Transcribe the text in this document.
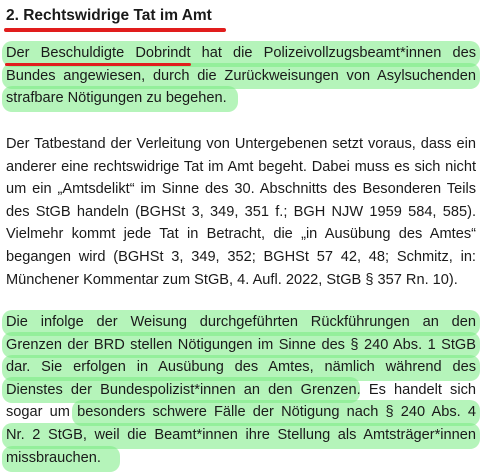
2. Rechtswidrige Tat im Amt
Der Beschuldigte Dobrindt hat die Polizeivollzugsbeamt*innen des
Bundes angewiesen, durch die Zurückweisungen von Asylsuchenden
strafbare Nötigungen zu begehen.
Der Tatbestand der Verleitung von Untergebenen setzt voraus, dass ein
anderer eine rechtswidrige Tat im Amt begeht. Dabei muss es sich nicht
um ein „Amtsdelikt“ im Sinne des 30. Abschnitts des Besonderen Teils
des StGB handeln (BGHSt 3, 349, 351 f.; BGH NJW 1959 584, 585).
Vielmehr kommt jede Tat in Betracht, die „in Ausübung des Amtes“
begangen wird (BGHSt 3, 349, 352; BGHSt 57 42, 48; Schmitz, in:
Münchener Kommentar zum StGB, 4. Aufl. 2022, StGB § 357 Rn. 10).
Die infolge der Weisung durchgeführten Rückführungen an den
Grenzen der BRD stellen Nötigungen im Sinne des § 240 Abs. 1 StGB
dar. Sie erfolgen in Ausübung des Amtes, nämlich während des
Dienstes der Bundespolizist*innen an den Grenzen. Es handelt sich
sogar um besonders schwere Fälle der Nötigung nach § 240 Abs. 4
Nr. 2 StGB, weil die Beamt*innen ihre Stellung als Amtsträger*innen
missbrauchen.
